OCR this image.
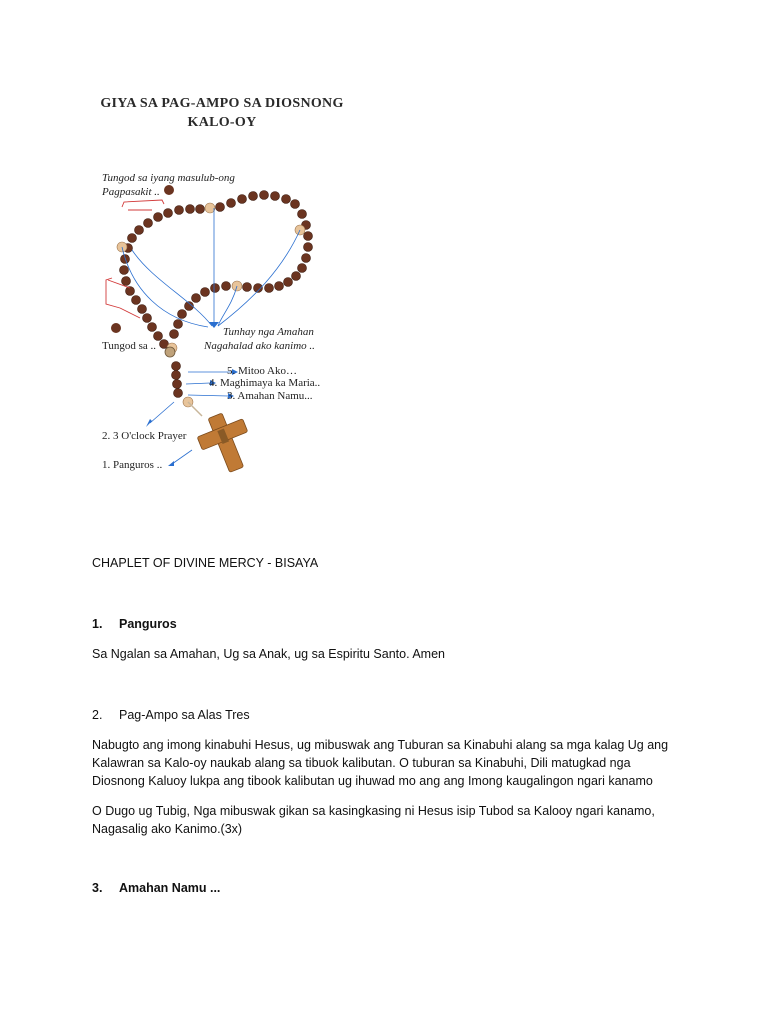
GIYA SA PAG-AMPO SA DIOSNONG
KALO-OY
Tungod sa iyang masulub-ong
Pagpasakit ..
Tungod sa ..
Tunhay nga Amahan
Nagahalad ako kanimo ..
5. Mitoo Ako…
4. Maghimaya ka Maria..
3. Amahan Namu...
2. 3 O'clock Prayer
1. Panguros ..
CHAPLET OF DIVINE MERCY - BISAYA
1. Panguros
Sa Ngalan sa Amahan, Ug sa Anak, ug sa Espiritu Santo. Amen
2. Pag-Ampo sa Alas Tres
Nabugto ang imong kinabuhi Hesus, ug mibuswak ang Tuburan sa Kinabuhi alang sa mga kalag Ug ang
Kalawran sa Kalo-oy naukab alang sa tibuok kalibutan. O tuburan sa Kinabuhi, Dili matugkad nga
Diosnong Kaluoy lukpa ang tibook kalibutan ug ihuwad mo ang ang Imong kaugalingon ngari kanamo
O Dugo ug Tubig, Nga mibuswak gikan sa kasingkasing ni Hesus isip Tubod sa Kalooy ngari kanamo,
Nagasalig ako Kanimo.(3x)
3. Amahan Namu ...
